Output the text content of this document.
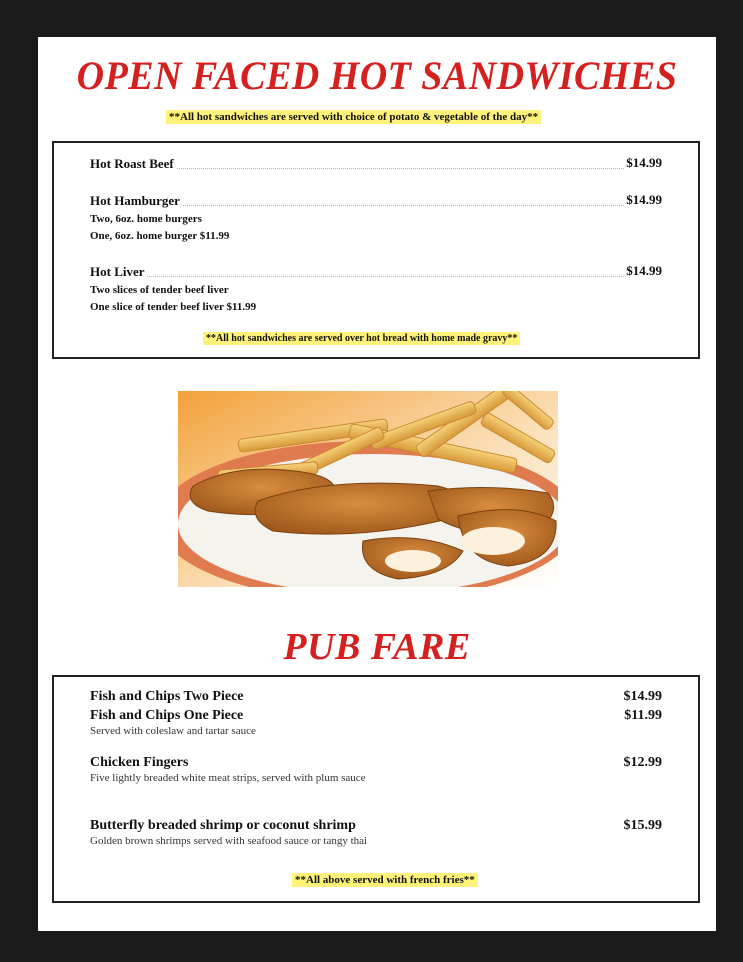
OPEN FACED HOT SANDWICHES
**All hot sandwiches are served with choice of potato & vegetable of the day**
Hot Roast Beef	$14.99
Hot Hamburger	$14.99
Two, 6oz. home burgers
One, 6oz. home burger $11.99
Hot Liver	$14.99
Two slices of tender beef liver
One slice of tender beef liver $11.99
**All hot sandwiches are served over hot bread with home made gravy**
PUB FARE
Fish and Chips Two Piece	$14.99
Fish and Chips One Piece	$11.99
Served with coleslaw and tartar sauce
Chicken Fingers	$12.99
Five lightly breaded white meat strips, served with plum sauce
Butterfly breaded shrimp or coconut shrimp	$15.99
Golden brown shrimps served with seafood sauce or tangy thai
**All above served with french fries**
